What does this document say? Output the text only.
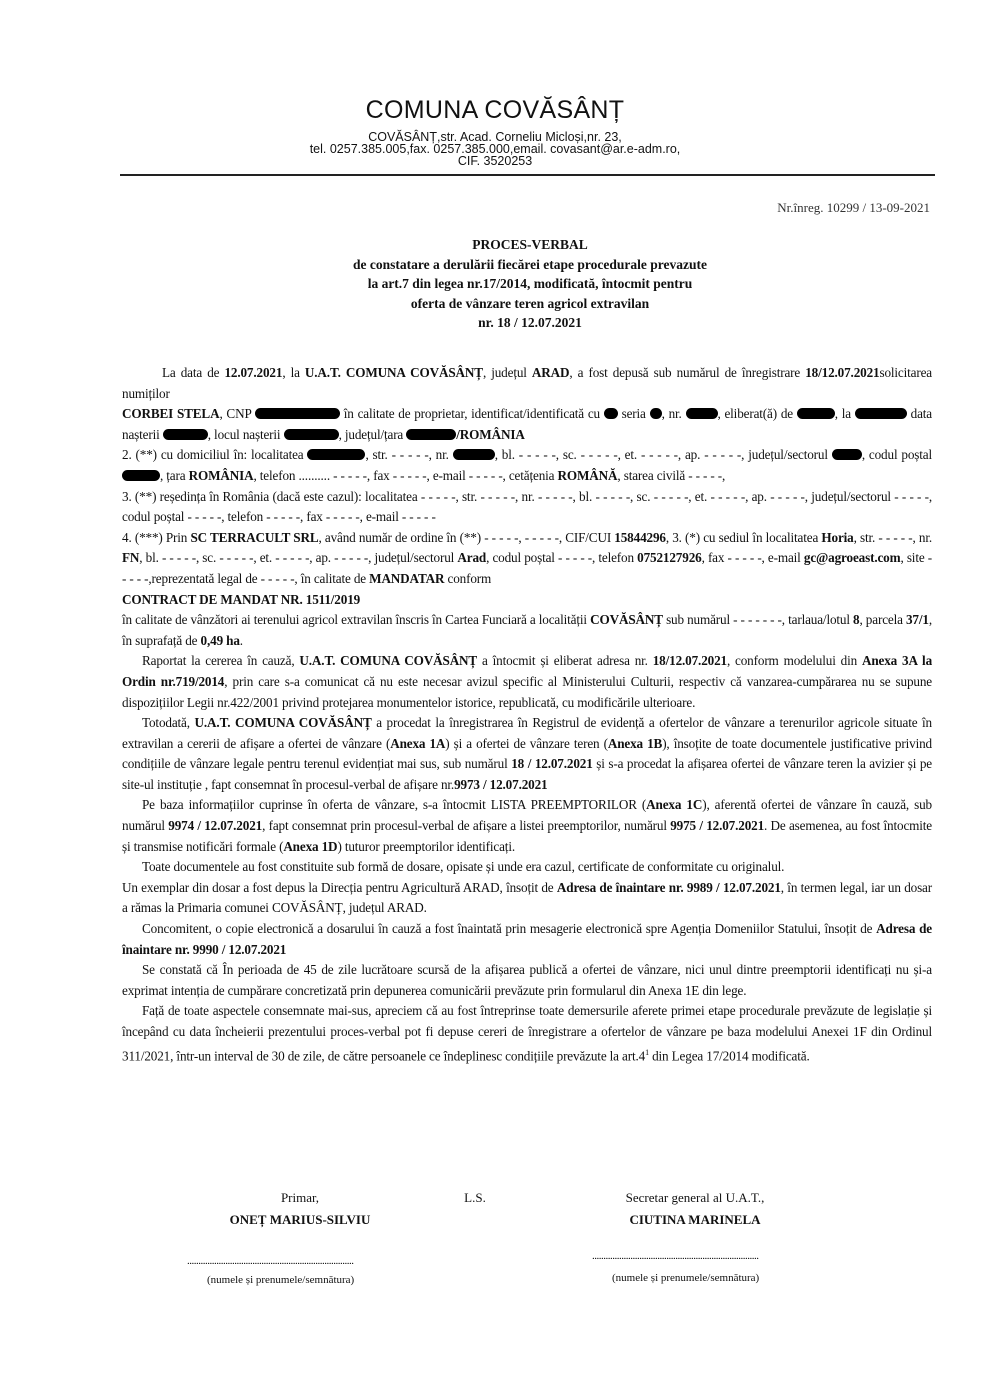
COMUNA COVĂSÂNȚ
COVĂSÂNȚ,str. Acad. Corneliu Micloși,nr. 23,
tel. 0257.385.005,fax. 0257.385.000,email. covasant@ar.e-adm.ro,
CIF. 3520253
Nr.înreg. 10299 / 13-09-2021
PROCES-VERBAL
de constatare a derulării fiecărei etape procedurale prevazute
la art.7 din legea nr.17/2014, modificată, întocmit pentru
oferta de vânzare teren agricol extravilan
nr. 18 / 12.07.2021

La data de 12.07.2021, la U.A.T. COMUNA COVĂSÂNȚ, județul ARAD, a fost depusă sub numărul de înregistrare 18/12.07.2021solicitarea numiților

CORBEI STELA, CNP	în calitate de proprietar, identificat/identificată cu  seria , nr. , eliberat(ă) de	, la	data nașterii	, locul nașterii	, județul/țara	/ROMÂNIA

2. (**) cu domiciliul în: localitatea	, str. - - - - -, nr.	, bl. - - - - -, sc. - - - - -, et. - - - - -, ap. - - - - -, județul/sectorul , codul poștal , țara ROMÂNIA, telefon .......... - - - - -, fax - - - - -, e-mail - - - - -, cetățenia ROMÂNĂ, starea civilă - - - - -,

3. (**) reședința în România (dacă este cazul): localitatea - - - - -, str. - - - - -, nr. - - - - -, bl. - - - - -, sc. - - - - -, et. - - - - -, ap. - - - - -, județul/sectorul - - - - -, codul poștal - - - - -, telefon - - - - -, fax - - - - -, e-mail - - - - -

4. (***) Prin SC TERRACULT SRL, având număr de ordine în (**) - - - - -, - - - - -, CIF/CUI 15844296, 3. (*) cu sediul în localitatea Horia, str. - - - - -, nr. FN, bl. - - - - -, sc. - - - - -, et. - - - - -, ap. - - - - -, județul/sectorul Arad, codul poștal - - - - -, telefon 0752127926, fax - - - - -, e-mail gc@agroeast.com, site - - - - -,reprezentată legal de - - - - -, în calitate de MANDATAR conform

CONTRACT DE MANDAT NR. 1511/2019

în calitate de vânzători ai terenului agricol extravilan înscris în Cartea Funciară a localității COVĂSÂNȚ sub numărul - - - - - - -, tarlaua/lotul 8, parcela 37/1, în suprafață de 0,49 ha.

Raportat la cererea în cauză, U.A.T. COMUNA COVĂSÂNȚ a întocmit și eliberat adresa nr. 18/12.07.2021, conform modelului din Anexa 3A la Ordin nr.719/2014, prin care s-a comunicat că nu este necesar avizul specific al Ministerului Culturii, respectiv că vanzarea-cumpărarea nu se supune dispozițiilor Legii nr.422/2001 privind protejarea monumentelor istorice, republicată, cu modificările ulterioare.

Totodată, U.A.T. COMUNA COVĂSÂNȚ a procedat la înregistrarea în Registrul de evidență a ofertelor de vânzare a terenurilor agricole situate în extravilan a cererii de afișare a ofertei de vânzare (Anexa 1A) și a ofertei de vânzare teren (Anexa 1B), însoțite de toate documentele justificative privind condițiile de vânzare legale pentru terenul evidențiat mai sus, sub numărul 18 / 12.07.2021 și s-a procedat la afișarea ofertei de vânzare teren la avizier și pe site-ul instituție , fapt consemnat în procesul-verbal de afișare nr.9973 / 12.07.2021

Pe baza informațiilor cuprinse în oferta de vânzare, s-a întocmit LISTA PREEMPTORILOR (Anexa 1C), aferentă ofertei de vânzare în cauză, sub numărul 9974 / 12.07.2021, fapt consemnat prin procesul-verbal de afișare a listei preemptorilor, numărul 9975 / 12.07.2021. De asemenea, au fost întocmite și transmise notificări formale (Anexa 1D) tuturor preemptorilor identificați.

Toate documentele au fost constituite sub formă de dosare, opisate și unde era cazul, certificate de conformitate cu originalul.

Un exemplar din dosar a fost depus la Direcția pentru Agricultură ARAD, însoțit de Adresa de înaintare nr. 9989 / 12.07.2021, în termen legal, iar un dosar a rămas la Primaria comunei COVĂSÂNȚ, județul ARAD.

Concomitent, o copie electronică a dosarului în cauză a fost înaintată prin mesagerie electronică spre Agenția Domeniilor Statului, însoțit de Adresa de înaintare nr. 9990 / 12.07.2021

Se constată că În perioada de 45 de zile lucrătoare scursă de la afișarea publică a ofertei de vânzare, nici unul dintre preemptorii identificați nu și-a exprimat intenția de cumpărare concretizată prin depunerea comunicării prevăzute prin formularul din Anexa 1E din lege.

Față de toate aspectele consemnate mai-sus, apreciem că au fost întreprinse toate demersurile aferete primei etape procedurale prevăzute de legislație și începând cu data încheierii prezentului proces-verbal pot fi depuse cereri de înregistrare a ofertelor de vânzare pe baza modelului Anexei 1F din Ordinul 311/2021, într-un interval de 30 de zile, de către persoanele ce îndeplinesc condițiile prevăzute la $art.4^1$ din Legea 17/2014 modificată.

Primar,
ONEȚ MARIUS-SILVIU
L.S.	Secretar general al U.A.T.,
CIUTINA MARINELA
..........................................................................	..........................................................................
(numele și prenumele/semnătura)	(numele și prenumele/semnătura)
